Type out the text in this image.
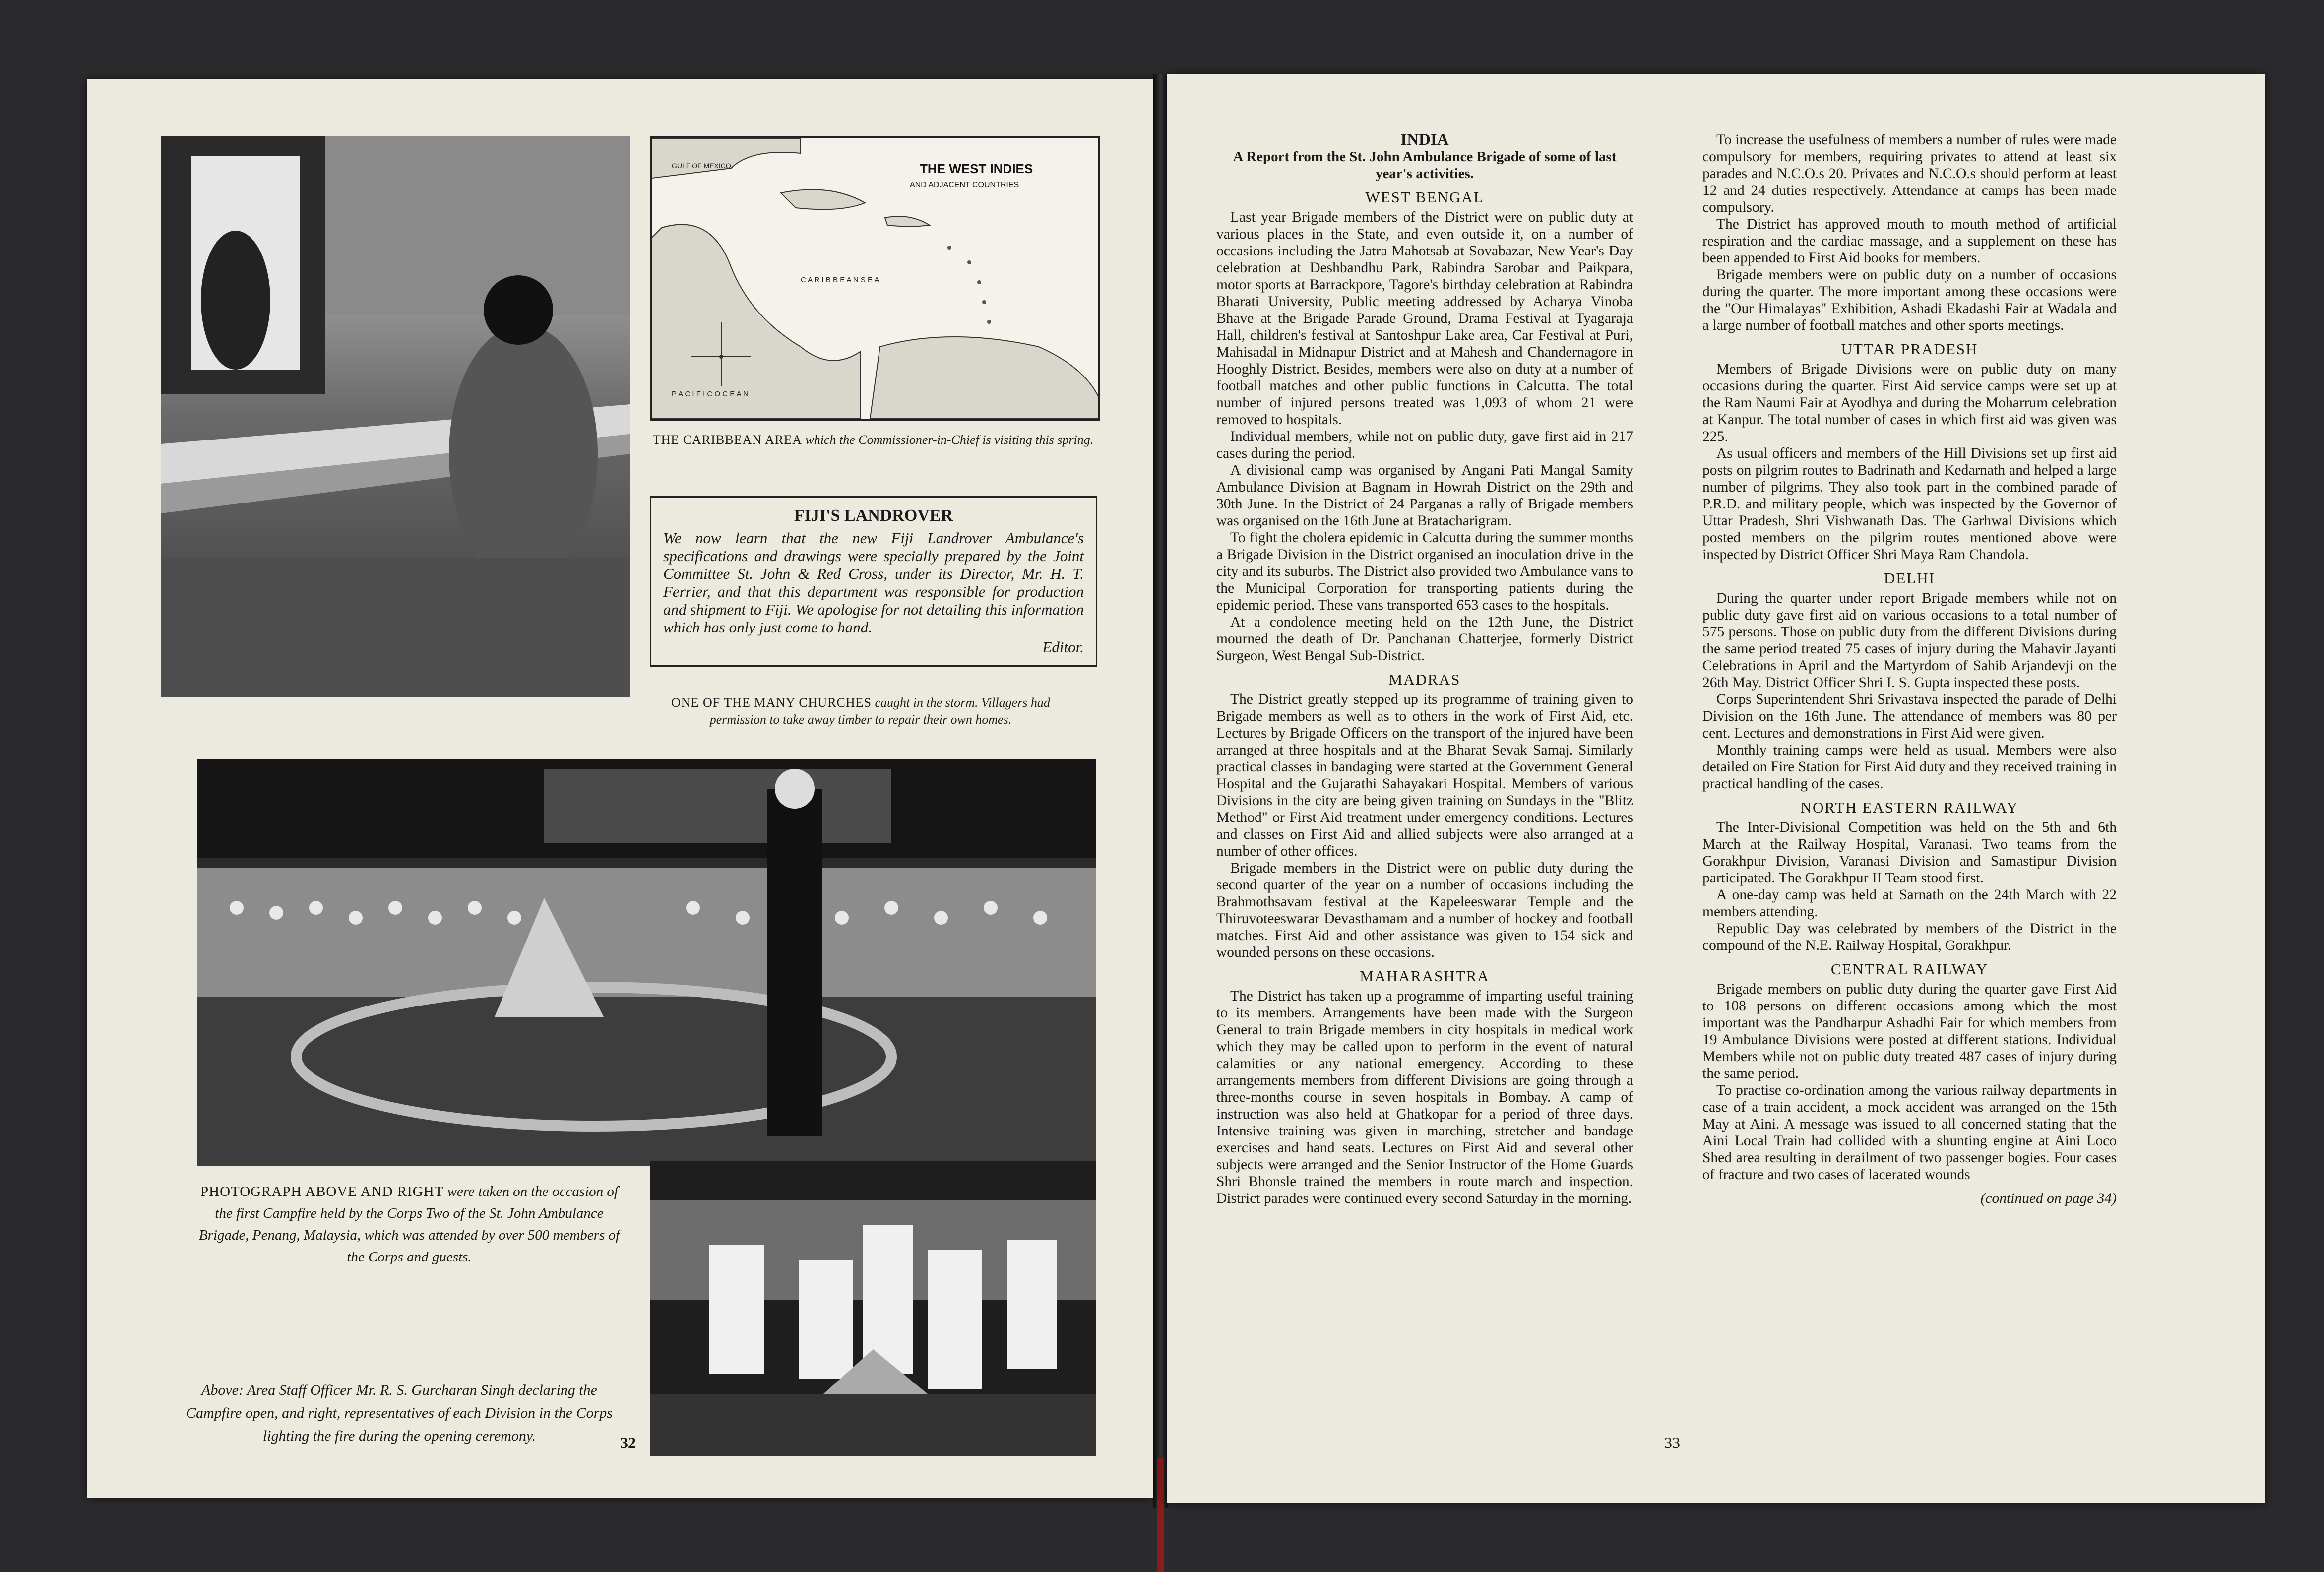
GULF OF MEXICO	THE WEST INDIES
AND ADJACENT COUNTRIES
C A R I B B E A N S E A
P A C I F I C O C E A N
THE CARIBBEAN AREA which the Commissioner-in-Chief is visiting this spring.
FIJI'S LANDROVER

We now learn that the new Fiji Landrover Ambulance's specifications and drawings were specially prepared by the Joint Committee St. John & Red Cross, under its Director, Mr. H. T. Ferrier, and that this department was responsible for production and shipment to Fiji. We apologise for not detailing this information which has only just come to hand.

Editor.
ONE OF THE MANY CHURCHES caught in the storm. Villagers had permission to take away timber to repair their own homes.
PHOTOGRAPH ABOVE AND RIGHT were taken on the occasion of the first Campfire held by the Corps Two of the St. John Ambulance Brigade, Penang, Malaysia, which was attended by over 500 members of the Corps and guests.
Above: Area Staff Officer Mr. R. S. Gurcharan Singh declaring the Campfire open, and right, representatives of each Division in the Corps lighting the fire during the opening ceremony.	32
INDIA
A Report from the St. John Ambulance Brigade of some of last year's activities.
WEST BENGAL

Last year Brigade members of the District were on public duty at various places in the State, and even outside it, on a number of occasions including the Jatra Mahotsab at Sovabazar, New Year's Day celebration at Deshbandhu Park, Rabindra Sarobar and Paikpara, motor sports at Barrackpore, Tagore's birthday celebration at Rabindra Bharati University, Public meeting addressed by Acharya Vinoba Bhave at the Brigade Parade Ground, Drama Festival at Tyagaraja Hall, children's festival at Santoshpur Lake area, Car Festival at Puri, Mahisadal in Midnapur District and at Mahesh and Chandernagore in Hooghly District. Besides, members were also on duty at a number of football matches and other public functions in Calcutta. The total number of injured persons treated was 1,093 of whom 21 were removed to hospitals.

Individual members, while not on public duty, gave first aid in 217 cases during the period.

A divisional camp was organised by Angani Pati Mangal Samity Ambulance Division at Bagnam in Howrah District on the 29th and 30th June. In the District of 24 Parganas a rally of Brigade members was organised on the 16th June at Bratacharigram.

To fight the cholera epidemic in Calcutta during the summer months a Brigade Division in the District organised an inoculation drive in the city and its suburbs. The District also provided two Ambulance vans to the Municipal Corporation for transporting patients during the epidemic period. These vans transported 653 cases to the hospitals.

At a condolence meeting held on the 12th June, the District mourned the death of Dr. Panchanan Chatterjee, formerly District Surgeon, West Bengal Sub-District.

MADRAS

The District greatly stepped up its programme of training given to Brigade members as well as to others in the work of First Aid, etc. Lectures by Brigade Officers on the transport of the injured have been arranged at three hospitals and at the Bharat Sevak Samaj. Similarly practical classes in bandaging were started at the Government General Hospital and the Gujarathi Sahayakari Hospital. Members of various Divisions in the city are being given training on Sundays in the "Blitz Method" or First Aid treatment under emergency conditions. Lectures and classes on First Aid and allied subjects were also arranged at a number of other offices.

Brigade members in the District were on public duty during the second quarter of the year on a number of occasions including the Brahmothsavam festival at the Kapeleeswarar Temple and the Thiruvoteeswarar Devasthamam and a number of hockey and football matches. First Aid and other assistance was given to 154 sick and wounded persons on these occasions.

MAHARASHTRA

The District has taken up a programme of imparting useful training to its members. Arrangements have been made with the Surgeon General to train Brigade members in city hospitals in medical work which they may be called upon to perform in the event of natural calamities or any national emergency. According to these arrangements members from different Divisions are going through a three-months course in seven hospitals in Bombay. A camp of instruction was also held at Ghatkopar for a period of three days. Intensive training was given in marching, stretcher and bandage exercises and hand seats. Lectures on First Aid and several other subjects were arranged and the Senior Instructor of the Home Guards Shri Bhonsle trained the members in route march and inspection. District parades were continued every second Saturday in the morning.

To increase the usefulness of members a number of rules were made compulsory for members, requiring privates to attend at least six parades and N.C.O.s 20. Privates and N.C.O.s should perform at least 12 and 24 duties respectively. Attendance at camps has been made compulsory.

The District has approved mouth to mouth method of artificial respiration and the cardiac massage, and a supplement on these has been appended to First Aid books for members.

Brigade members were on public duty on a number of occasions during the quarter. The more important among these occasions were the "Our Himalayas" Exhibition, Ashadi Ekadashi Fair at Wadala and a large number of football matches and other sports meetings.

UTTAR PRADESH

Members of Brigade Divisions were on public duty on many occasions during the quarter. First Aid service camps were set up at the Ram Naumi Fair at Ayodhya and during the Moharrum celebration at Kanpur. The total number of cases in which first aid was given was 225.

As usual officers and members of the Hill Divisions set up first aid posts on pilgrim routes to Badrinath and Kedarnath and helped a large number of pilgrims. They also took part in the combined parade of P.R.D. and military people, which was inspected by the Governor of Uttar Pradesh, Shri Vishwanath Das. The Garhwal Divisions which posted members on the pilgrim routes mentioned above were inspected by District Officer Shri Maya Ram Chandola.

DELHI

During the quarter under report Brigade members while not on public duty gave first aid on various occasions to a total number of 575 persons. Those on public duty from the different Divisions during the same period treated 75 cases of injury during the Mahavir Jayanti Celebrations in April and the Martyrdom of Sahib Arjandevji on the 26th May. District Officer Shri I. S. Gupta inspected these posts.

Corps Superintendent Shri Srivastava inspected the parade of Delhi Division on the 16th June. The attendance of members was 80 per cent. Lectures and demonstrations in First Aid were given.

Monthly training camps were held as usual. Members were also detailed on Fire Station for First Aid duty and they received training in practical handling of the cases.

NORTH EASTERN RAILWAY

The Inter-Divisional Competition was held on the 5th and 6th March at the Railway Hospital, Varanasi. Two teams from the Gorakhpur Division, Varanasi Division and Samastipur Division participated. The Gorakhpur II Team stood first.

A one-day camp was held at Sarnath on the 24th March with 22 members attending.

Republic Day was celebrated by members of the District in the compound of the N.E. Railway Hospital, Gorakhpur.

CENTRAL RAILWAY

Brigade members on public duty during the quarter gave First Aid to 108 persons on different occasions among which the most important was the Pandharpur Ashadhi Fair for which members from 19 Ambulance Divisions were posted at different stations. Individual Members while not on public duty treated 487 cases of injury during the same period.

To practise co-ordination among the various railway departments in case of a train accident, a mock accident was arranged on the 15th May at Aini. A message was issued to all concerned stating that the Aini Local Train had collided with a shunting engine at Aini Loco Shed area resulting in derailment of two passenger bogies. Four cases of fracture and two cases of lacerated wounds

(continued on page 34)
33
